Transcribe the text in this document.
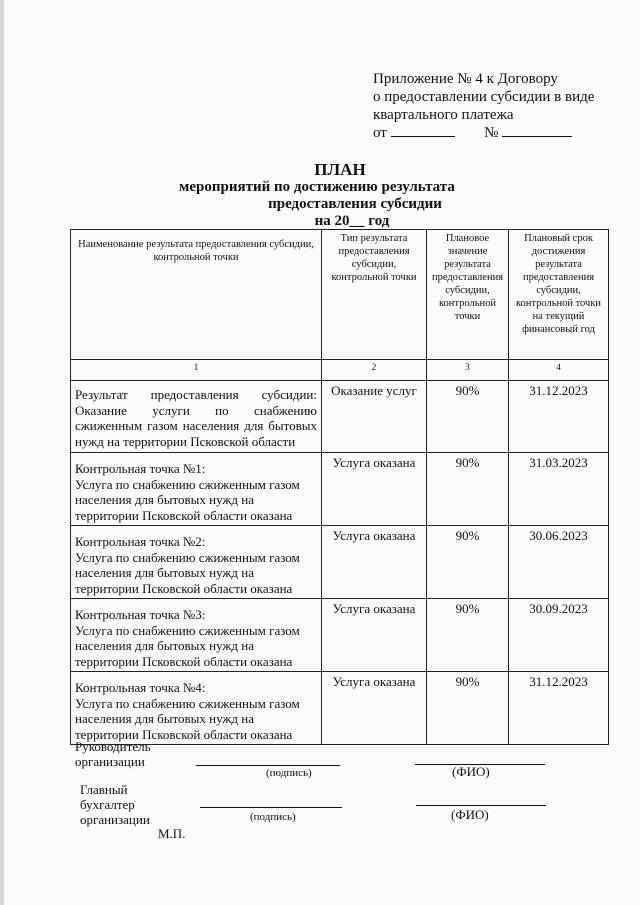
Приложение № 4 к Договору
о предоставлении субсидии в виде
квартального платежа
от	№
ПЛАН
мероприятий по достижению результата
предоставления субсидии
на 20__ год
Наименование результата предоставления субсидии, контрольной точки	Тип результата предоставления субсидии, контрольной точки	Плановое значение результата предоставления субсидии, контрольной точки	Плановый срок достижения результата предоставления субсидии, контрольной точки на текущий финансовый год
1	2	3	4
Результат предоставления субсидии: Оказание услуги по снабжению сжиженным газом населения для бытовых нужд на территории Псковской области	Оказание услуг	90%	31.12.2023

Контрольная точка №1:
Услуга по снабжению сжиженным газом населения для бытовых нужд на территории Псковской области оказана	Услуга оказана	90%	31.03.2023

Контрольная точка №2:
Услуга по снабжению сжиженным газом населения для бытовых нужд на территории Псковской области оказана	Услуга оказана	90%	30.06.2023

Контрольная точка №3:
Услуга по снабжению сжиженным газом населения для бытовых нужд на территории Псковской области оказана	Услуга оказана	90%	30.09.2023

Контрольная точка №4:
Услуга по снабжению сжиженным газом населения для бытовых нужд на территории Псковской области оказана	Услуга оказана	90%	31.12.2023
Руководитель
организации
(подпись)	(ФИО)
Главный
бухгалтер
организации	(подпись)	(ФИО)
М.П.
